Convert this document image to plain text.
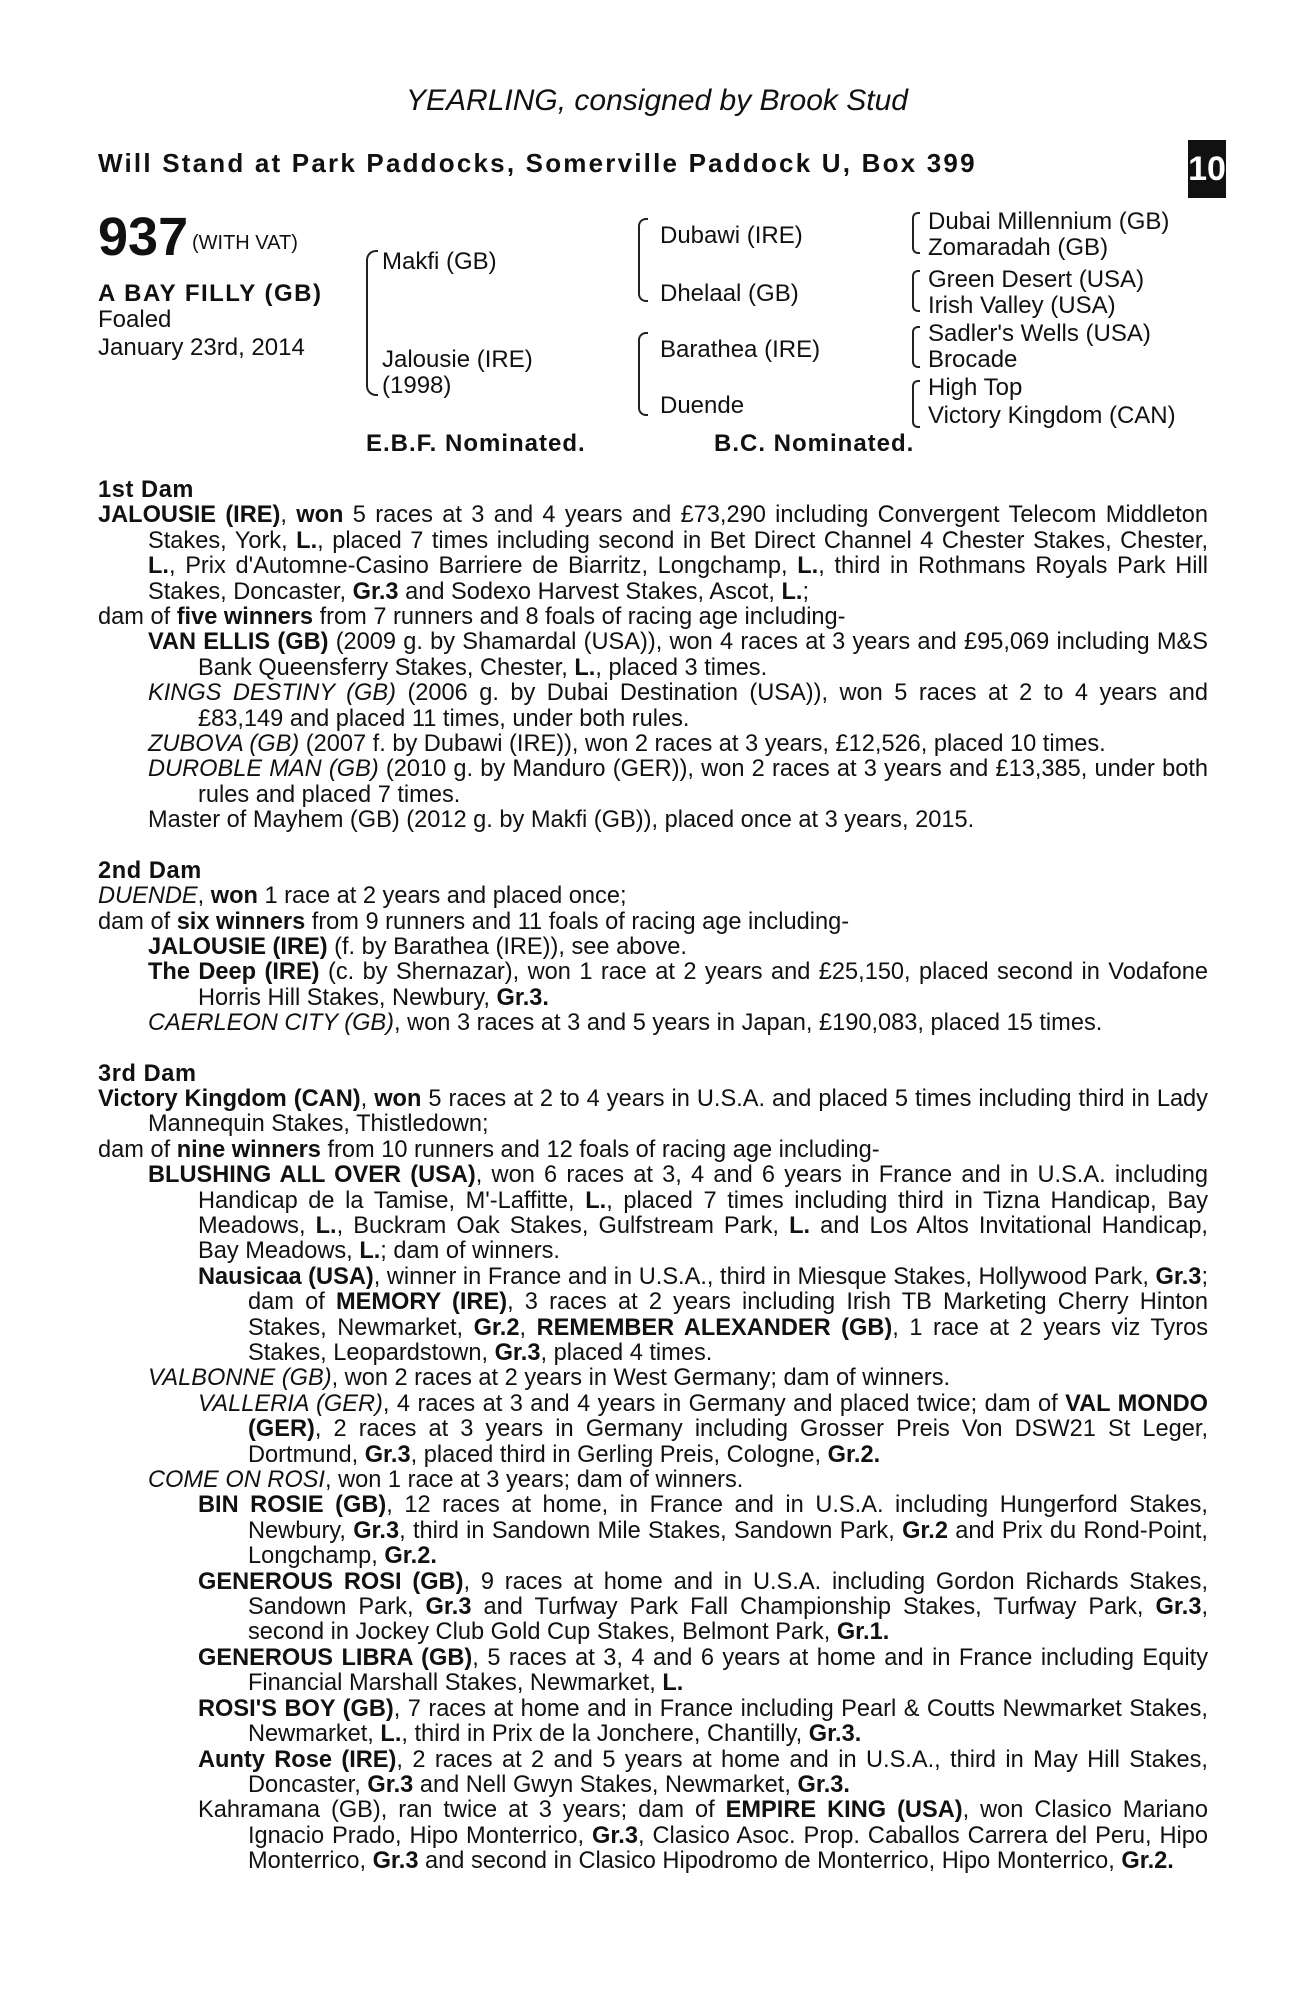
YEARLING, consigned by Brook Stud
Will Stand at Park Paddocks, Somerville Paddock U, Box 399	10
937 (WITH VAT)
A BAY FILLY (GB)
Foaled
January 23rd, 2014
Makfi (GB)
Jalousie (IRE)
(1998)
Dubawi (IRE)
Dhelaal (GB)
Barathea (IRE)
Duende
Dubai Millennium (GB)
Zomaradah (GB)
Green Desert (USA)
Irish Valley (USA)
Sadler's Wells (USA)
Brocade
High Top
Victory Kingdom (CAN)
E.B.F. Nominated.	B.C. Nominated.
1st Dam

JALOUSIE (IRE), won 5 races at 3 and 4 years and £73,290 including Convergent Telecom Middleton Stakes, York, L., placed 7 times including second in Bet Direct Channel 4 Chester Stakes, Chester, L., Prix d'Automne-Casino Barriere de Biarritz, Longchamp, L., third in Rothmans Royals Park Hill Stakes, Doncaster, Gr.3 and Sodexo Harvest Stakes, Ascot, L.;

dam of five winners from 7 runners and 8 foals of racing age including-

VAN ELLIS (GB) (2009 g. by Shamardal (USA)), won 4 races at 3 years and £95,069 including M&S Bank Queensferry Stakes, Chester, L., placed 3 times.

KINGS DESTINY (GB) (2006 g. by Dubai Destination (USA)), won 5 races at 2 to 4 years and £83,149 and placed 11 times, under both rules.

ZUBOVA (GB) (2007 f. by Dubawi (IRE)), won 2 races at 3 years, £12,526, placed 10 times.

DUROBLE MAN (GB) (2010 g. by Manduro (GER)), won 2 races at 3 years and £13,385, under both rules and placed 7 times.

Master of Mayhem (GB) (2012 g. by Makfi (GB)), placed once at 3 years, 2015.

2nd Dam

DUENDE, won 1 race at 2 years and placed once;

dam of six winners from 9 runners and 11 foals of racing age including-

JALOUSIE (IRE) (f. by Barathea (IRE)), see above.

The Deep (IRE) (c. by Shernazar), won 1 race at 2 years and £25,150, placed second in Vodafone Horris Hill Stakes, Newbury, Gr.3.

CAERLEON CITY (GB), won 3 races at 3 and 5 years in Japan, £190,083, placed 15 times.

3rd Dam

Victory Kingdom (CAN), won 5 races at 2 to 4 years in U.S.A. and placed 5 times including third in Lady Mannequin Stakes, Thistledown;

dam of nine winners from 10 runners and 12 foals of racing age including-

BLUSHING ALL OVER (USA), won 6 races at 3, 4 and 6 years in France and in U.S.A. including Handicap de la Tamise, M'-Laffitte, L., placed 7 times including third in Tizna Handicap, Bay Meadows, L., Buckram Oak Stakes, Gulfstream Park, L. and Los Altos Invitational Handicap, Bay Meadows, L.; dam of winners.

Nausicaa (USA), winner in France and in U.S.A., third in Miesque Stakes, Hollywood Park, Gr.3; dam of MEMORY (IRE), 3 races at 2 years including Irish TB Marketing Cherry Hinton Stakes, Newmarket, Gr.2, REMEMBER ALEXANDER (GB), 1 race at 2 years viz Tyros Stakes, Leopardstown, Gr.3, placed 4 times.

VALBONNE (GB), won 2 races at 2 years in West Germany; dam of winners.

VALLERIA (GER), 4 races at 3 and 4 years in Germany and placed twice; dam of VAL MONDO (GER), 2 races at 3 years in Germany including Grosser Preis Von DSW21 St Leger, Dortmund, Gr.3, placed third in Gerling Preis, Cologne, Gr.2.

COME ON ROSI, won 1 race at 3 years; dam of winners.

BIN ROSIE (GB), 12 races at home, in France and in U.S.A. including Hungerford Stakes, Newbury, Gr.3, third in Sandown Mile Stakes, Sandown Park, Gr.2 and Prix du Rond-Point, Longchamp, Gr.2.

GENEROUS ROSI (GB), 9 races at home and in U.S.A. including Gordon Richards Stakes, Sandown Park, Gr.3 and Turfway Park Fall Championship Stakes, Turfway Park, Gr.3, second in Jockey Club Gold Cup Stakes, Belmont Park, Gr.1.

GENEROUS LIBRA (GB), 5 races at 3, 4 and 6 years at home and in France including Equity Financial Marshall Stakes, Newmarket, L.

ROSI'S BOY (GB), 7 races at home and in France including Pearl & Coutts Newmarket Stakes, Newmarket, L., third in Prix de la Jonchere, Chantilly, Gr.3.

Aunty Rose (IRE), 2 races at 2 and 5 years at home and in U.S.A., third in May Hill Stakes, Doncaster, Gr.3 and Nell Gwyn Stakes, Newmarket, Gr.3.

Kahramana (GB), ran twice at 3 years; dam of EMPIRE KING (USA), won Clasico Mariano Ignacio Prado, Hipo Monterrico, Gr.3, Clasico Asoc. Prop. Caballos Carrera del Peru, Hipo Monterrico, Gr.3 and second in Clasico Hipodromo de Monterrico, Hipo Monterrico, Gr.2.
